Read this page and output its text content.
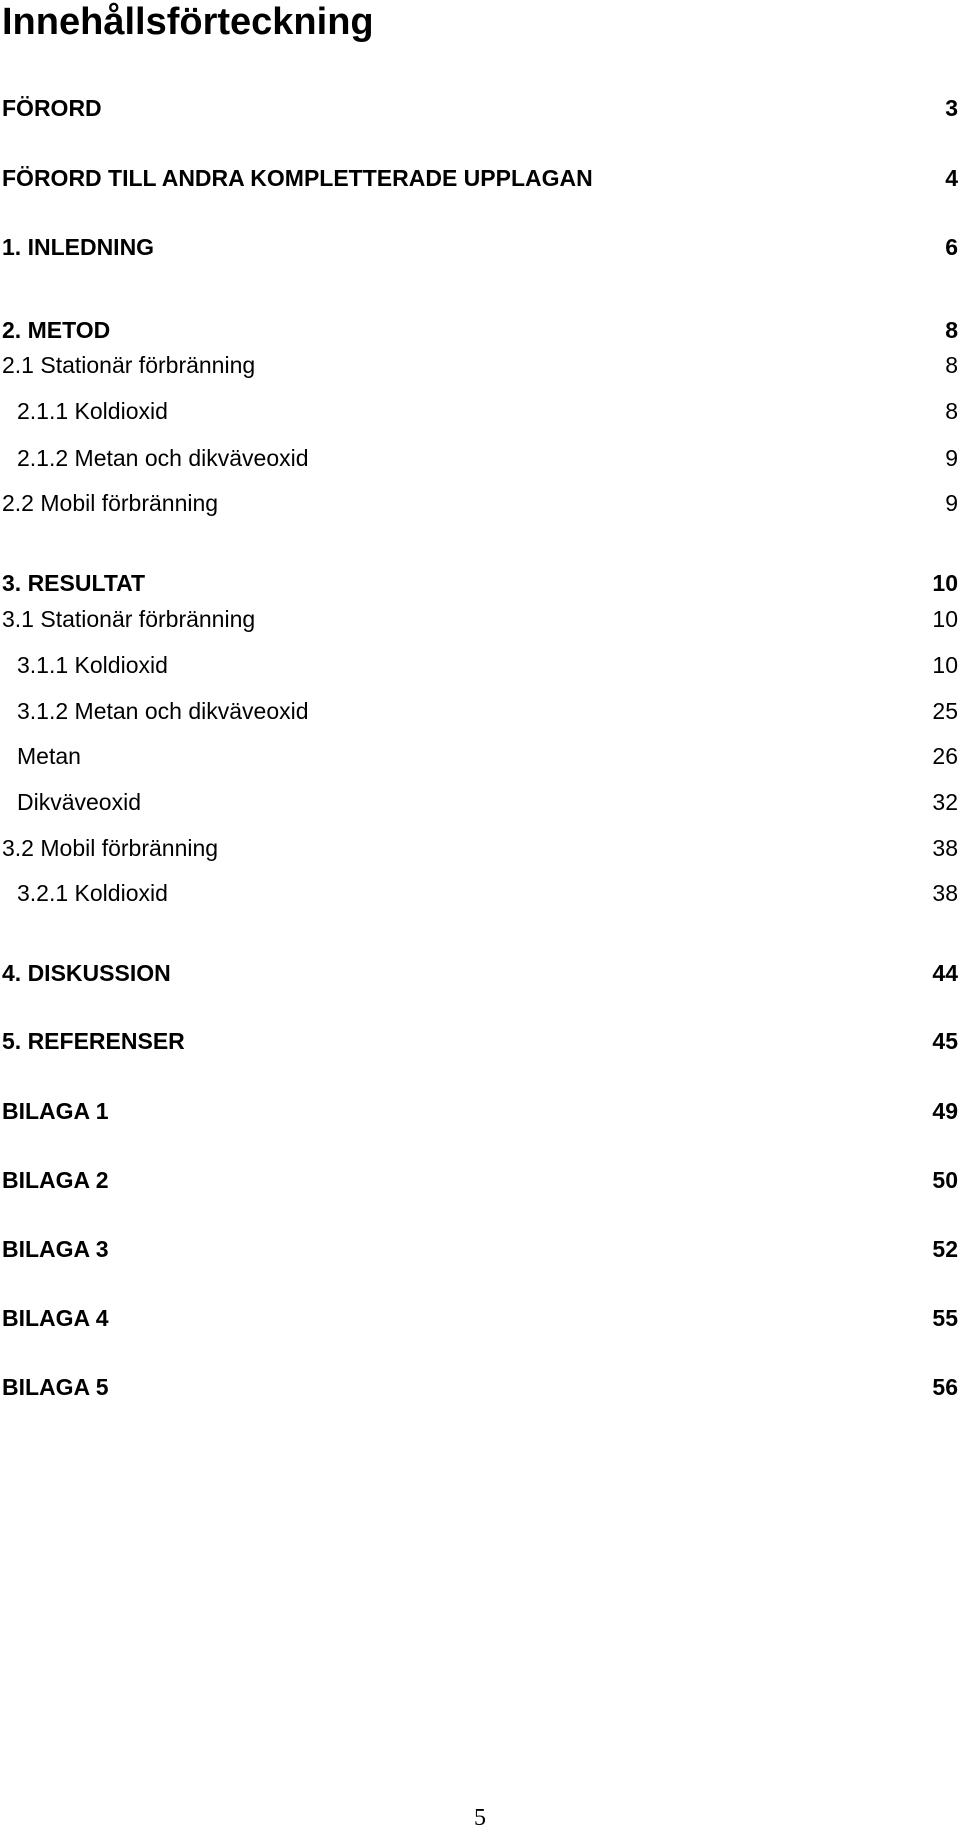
Innehållsförteckning
FÖRORD	3
FÖRORD TILL ANDRA KOMPLETTERADE UPPLAGAN	4
1. INLEDNING	6
2. METOD	8
2.1 Stationär förbränning	8
2.1.1 Koldioxid	8
2.1.2 Metan och dikväveoxid	9
2.2 Mobil förbränning	9
3. RESULTAT	10
3.1 Stationär förbränning	10
3.1.1 Koldioxid	10
3.1.2 Metan och dikväveoxid	25
Metan	26
Dikväveoxid	32
3.2 Mobil förbränning	38
3.2.1 Koldioxid	38
4. DISKUSSION	44
5. REFERENSER	45
BILAGA 1	49
BILAGA 2	50
BILAGA 3	52
BILAGA 4	55
BILAGA 5	56
5
